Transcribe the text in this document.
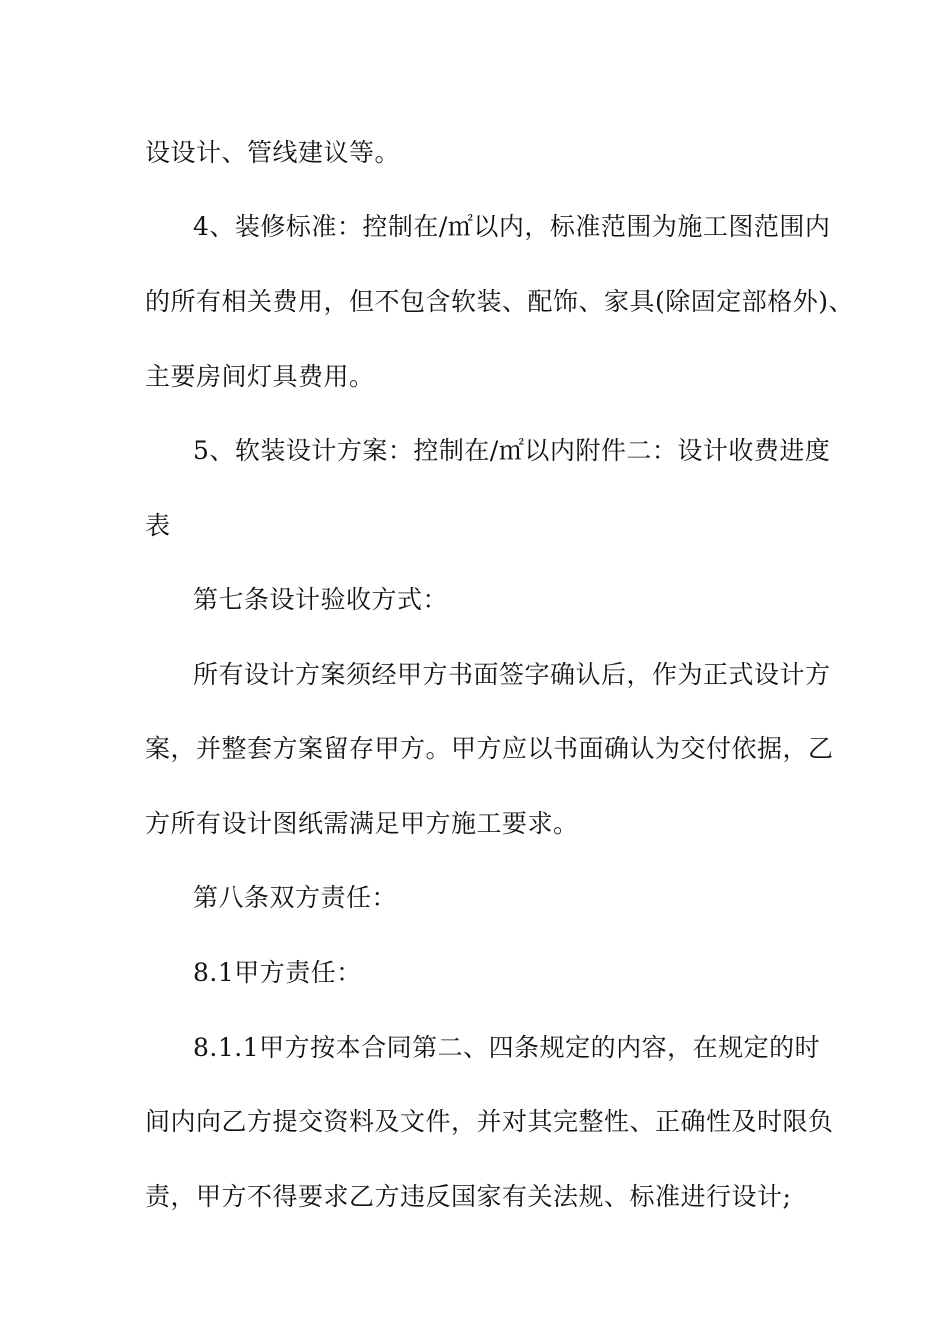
设设计、管线建议等。
4、装修标准：控制在/㎡以内，标准范围为施工图范围内
的所有相关费用，但不包含软装、配饰、家具(除固定部格外)、
主要房间灯具费用。
5、软装设计方案：控制在/㎡以内附件二：设计收费进度
表
第七条设计验收方式：
所有设计方案须经甲方书面签字确认后，作为正式设计方
案，并整套方案留存甲方。甲方应以书面确认为交付依据，乙
方所有设计图纸需满足甲方施工要求。
第八条双方责任：
8.1甲方责任：
8.1.1甲方按本合同第二、四条规定的内容，在规定的时
间内向乙方提交资料及文件，并对其完整性、正确性及时限负
责，甲方不得要求乙方违反国家有关法规、标准进行设计;
